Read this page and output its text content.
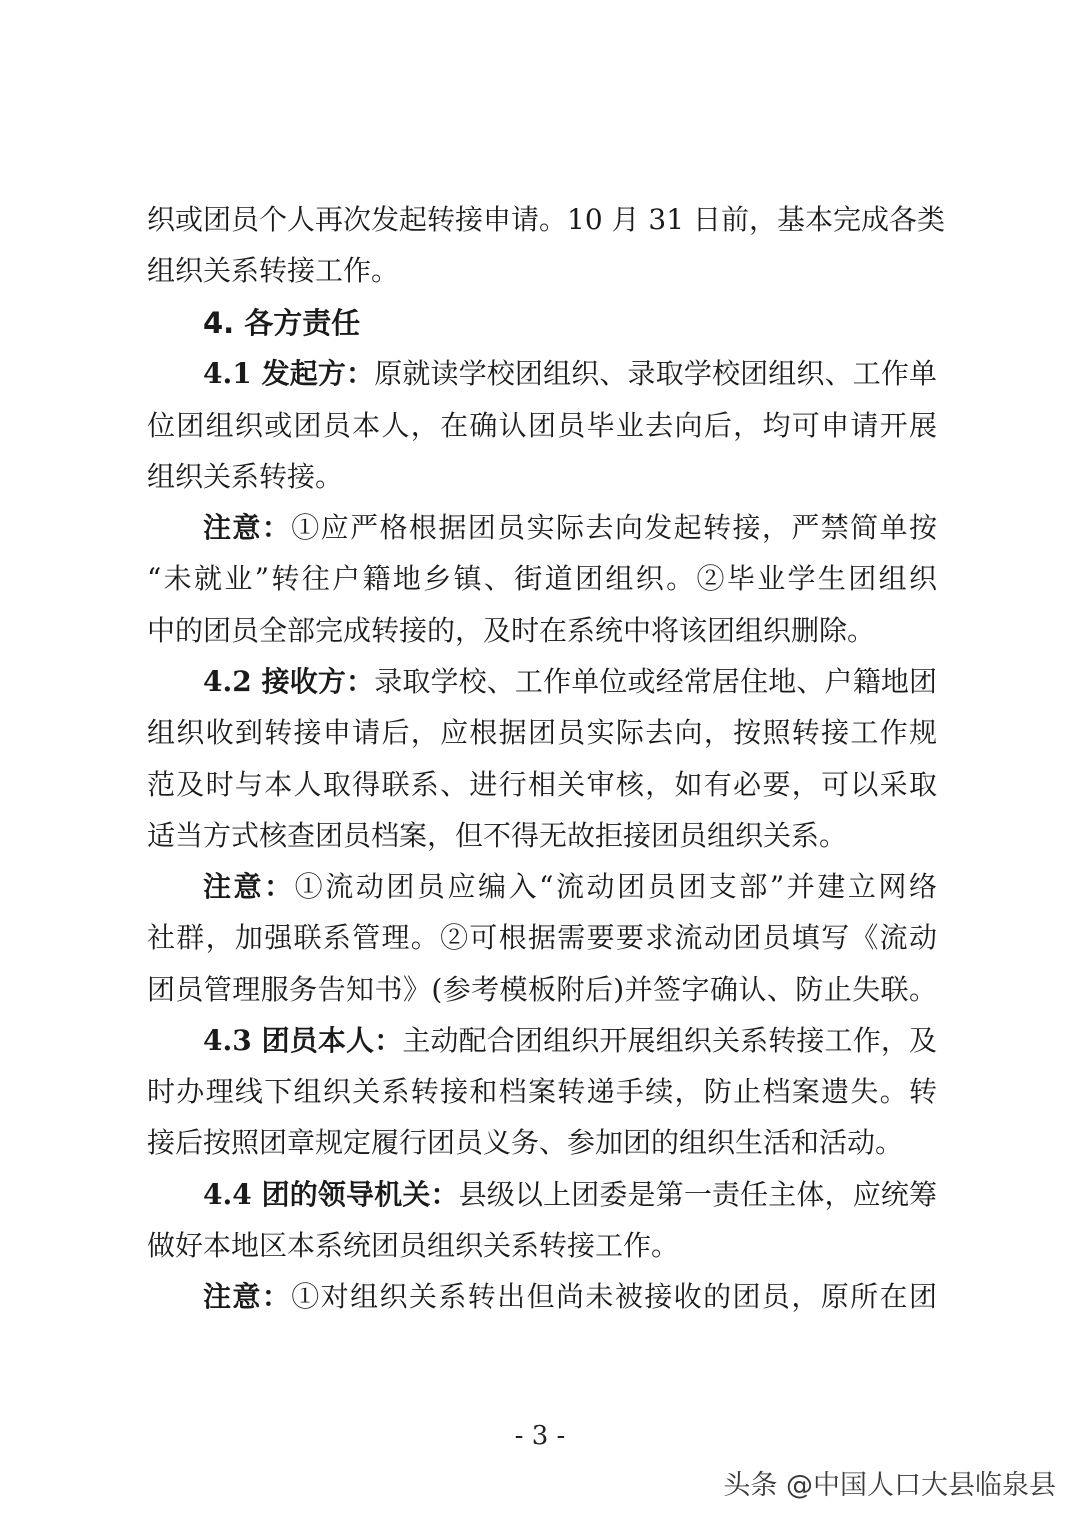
织或团员个人再次发起转接申请。10 月 31 日前，基本完成各类
组织关系转接工作。
4. 各方责任
4.1 发起方：原就读学校团组织、录取学校团组织、工作单
位团组织或团员本人，在确认团员毕业去向后，均可申请开展
组织关系转接。
注意：①应严格根据团员实际去向发起转接，严禁简单按
“未就业”转往户籍地乡镇、街道团组织。②毕业学生团组织
中的团员全部完成转接的，及时在系统中将该团组织删除。
4.2 接收方：录取学校、工作单位或经常居住地、户籍地团
组织收到转接申请后，应根据团员实际去向，按照转接工作规
范及时与本人取得联系、进行相关审核，如有必要，可以采取
适当方式核查团员档案，但不得无故拒接团员组织关系。
注意：①流动团员应编入“流动团员团支部”并建立网络
社群，加强联系管理。②可根据需要要求流动团员填写《流动
团员管理服务告知书》(参考模板附后)并签字确认、防止失联。
4.3 团员本人：主动配合团组织开展组织关系转接工作，及
时办理线下组织关系转接和档案转递手续，防止档案遗失。转
接后按照团章规定履行团员义务、参加团的组织生活和活动。
4.4 团的领导机关：县级以上团委是第一责任主体，应统筹
做好本地区本系统团员组织关系转接工作。
注意：①对组织关系转出但尚未被接收的团员，原所在团
- 3 -
头条 @中国人口大县临泉县
